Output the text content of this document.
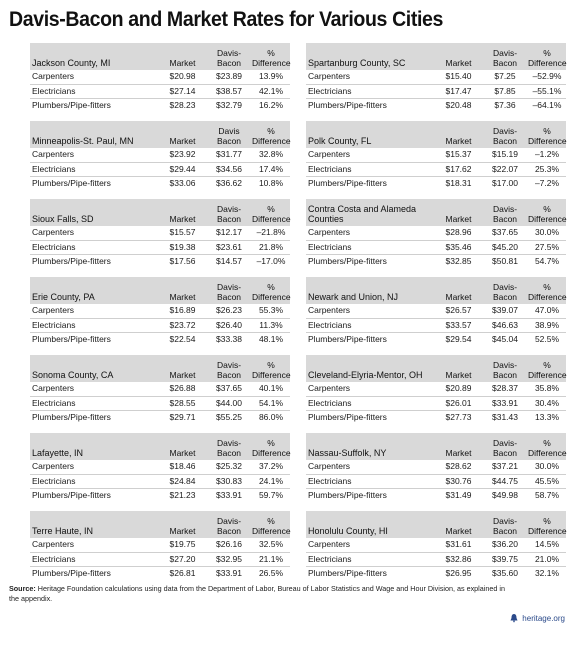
Davis-Bacon and Market Rates for Various Cities
Jackson County, MI	Market
Davis-
Bacon
%
Difference
Carpenters	$20.98	$23.89	13.9%
Electricians	$27.14	$38.57	42.1%
Plumbers/Pipe-fitters	$28.23	$32.79	16.2%
Minneapolis-St. Paul, MN	Market
Davis
Bacon
%
Difference
Carpenters	$23.92	$31.77	32.8%
Electricians	$29.44	$34.56	17.4%
Plumbers/Pipe-fitters	$33.06	$36.62	10.8%
Sioux Falls, SD	Market
Davis-
Bacon
%
Difference
Carpenters	$15.57	$12.17	–21.8%
Electricians	$19.38	$23.61	21.8%
Plumbers/Pipe-fitters	$17.56	$14.57	–17.0%
Erie County, PA	Market
Davis-
Bacon
%
Difference
Carpenters	$16.89	$26.23	55.3%
Electricians	$23.72	$26.40	11.3%
Plumbers/Pipe-fitters	$22.54	$33.38	48.1%
Sonoma County, CA	Market
Davis-
Bacon
%
Difference
Carpenters	$26.88	$37.65	40.1%
Electricians	$28.55	$44.00	54.1%
Plumbers/Pipe-fitters	$29.71	$55.25	86.0%
Lafayette, IN	Market
Davis-
Bacon
%
Difference
Carpenters	$18.46	$25.32	37.2%
Electricians	$24.84	$30.83	24.1%
Plumbers/Pipe-fitters	$21.23	$33.91	59.7%
Terre Haute, IN	Market
Davis-
Bacon
%
Difference
Carpenters	$19.75	$26.16	32.5%
Electricians	$27.20	$32.95	21.1%
Plumbers/Pipe-fitters	$26.81	$33.91	26.5%
Spartanburg County, SC	Market
Davis-
Bacon
%
Difference
Carpenters	$15.40	$7.25	–52.9%
Electricians	$17.47	$7.85	–55.1%
Plumbers/Pipe-fitters	$20.48	$7.36	–64.1%
Polk County, FL	Market
Davis-
Bacon
%
Difference
Carpenters	$15.37	$15.19	–1.2%
Electricians	$17.62	$22.07	25.3%
Plumbers/Pipe-fitters	$18.31	$17.00	–7.2%
Contra Costa and Alameda Counties	Market
Davis-
Bacon
%
Difference
Carpenters	$28.96	$37.65	30.0%
Electricians	$35.46	$45.20	27.5%
Plumbers/Pipe-fitters	$32.85	$50.81	54.7%
Newark and Union, NJ	Market
Davis-
Bacon
%
Difference
Carpenters	$26.57	$39.07	47.0%
Electricians	$33.57	$46.63	38.9%
Plumbers/Pipe-fitters	$29.54	$45.04	52.5%
Cleveland-Elyria-Mentor, OH	Market
Davis-
Bacon
%
Difference
Carpenters	$20.89	$28.37	35.8%
Electricians	$26.01	$33.91	30.4%
Plumbers/Pipe-fitters	$27.73	$31.43	13.3%
Nassau-Suffolk, NY	Market
Davis-
Bacon
%
Difference
Carpenters	$28.62	$37.21	30.0%
Electricians	$30.76	$44.75	45.5%
Plumbers/Pipe-fitters	$31.49	$49.98	58.7%
Honolulu County, HI	Market
Davis-
Bacon
%
Difference
Carpenters	$31.61	$36.20	14.5%
Electricians	$32.86	$39.75	21.0%
Plumbers/Pipe-fitters	$26.95	$35.60	32.1%
Source: Heritage Foundation calculations using data from the Department of Labor, Bureau of Labor Statistics and Wage and Hour Division, as explained in the appendix.
heritage.org
